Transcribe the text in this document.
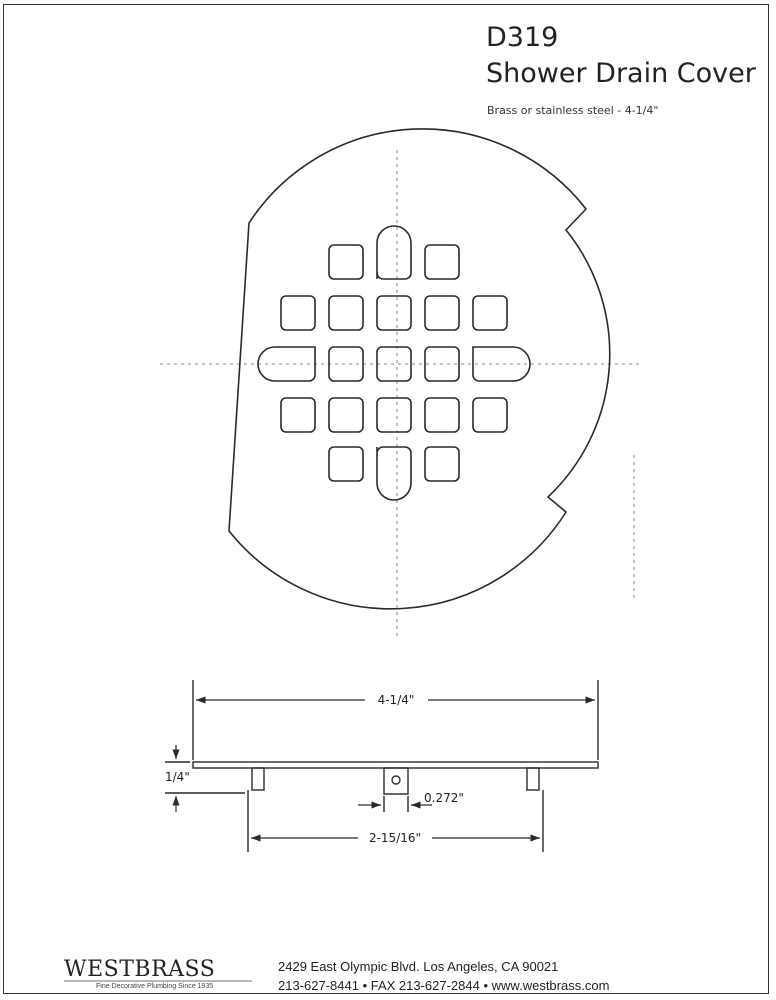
D319
Shower Drain Cover
Brass or stainless steel - 4-1/4"
4-1/4"
2-15/16"
1/4"
0.272"
WESTBRASS
Fine Decorative Plumbing Since 1935
2429 East Olympic Blvd. Los Angeles, CA 90021
213-627-8441 • FAX 213-627-2844 • www.westbrass.com
